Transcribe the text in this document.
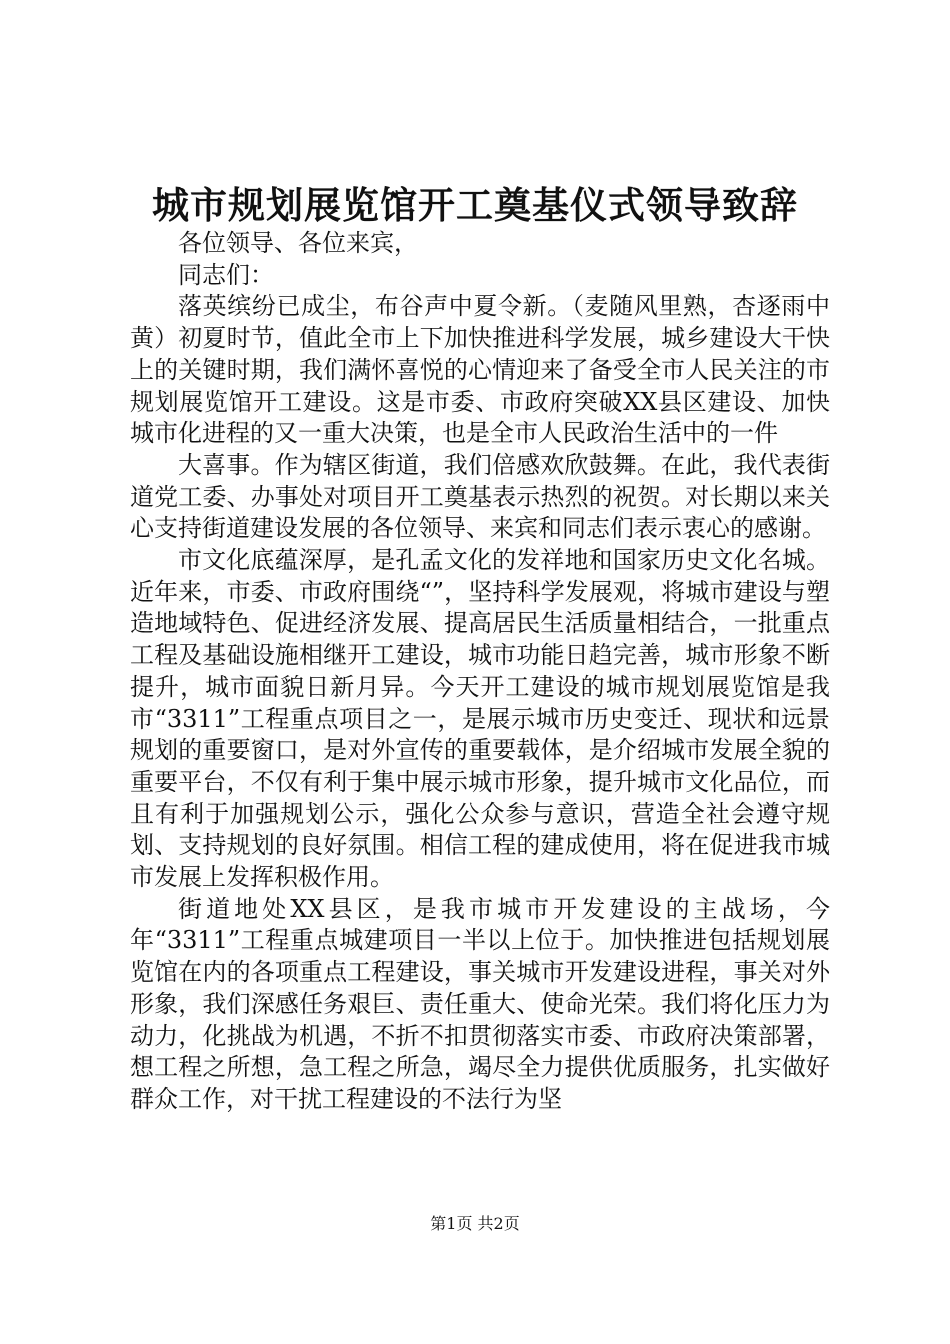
城市规划展览馆开工奠基仪式领导致辞

各位领导、各位来宾，

同志们：

落英缤纷已成尘，布谷声中夏令新。（麦随风里熟，杏逐雨中黄）初夏时节，值此全市上下加快推进科学发展，城乡建设大干快上的关键时期，我们满怀喜悦的心情迎来了备受全市人民关注的市规划展览馆开工建设。这是市委、市政府突破XX县区建设、加快城市化进程的又一重大决策，也是全市人民政治生活中的一件

大喜事。作为辖区街道，我们倍感欢欣鼓舞。在此，我代表街道党工委、办事处对项目开工奠基表示热烈的祝贺。对长期以来关心支持街道建设发展的各位领导、来宾和同志们表示衷心的感谢。

市文化底蕴深厚，是孔孟文化的发祥地和国家历史文化名城。近年来，市委、市政府围绕“”，坚持科学发展观，将城市建设与塑造地域特色、促进经济发展、提高居民生活质量相结合，一批重点工程及基础设施相继开工建设，城市功能日趋完善，城市形象不断提升，城市面貌日新月异。今天开工建设的城市规划展览馆是我市“3311”工程重点项目之一，是展示城市历史变迁、现状和远景规划的重要窗口，是对外宣传的重要载体，是介绍城市发展全貌的重要平台，不仅有利于集中展示城市形象，提升城市文化品位，而且有利于加强规划公示，强化公众参与意识，营造全社会遵守规划、支持规划的良好氛围。相信工程的建成使用，将在促进我市城市发展上发挥积极作用。

街道地处XX县区，是我市城市开发建设的主战场，今年“3311”工程重点城建项目一半以上位于。加快推进包括规划展览馆在内的各项重点工程建设，事关城市开发建设进程，事关对外形象，我们深感任务艰巨、责任重大、使命光荣。我们将化压力为动力，化挑战为机遇，不折不扣贯彻落实市委、市政府决策部署，想工程之所想，急工程之所急，竭尽全力提供优质服务，扎实做好群众工作，对干扰工程建设的不法行为坚

第1页 共2页
